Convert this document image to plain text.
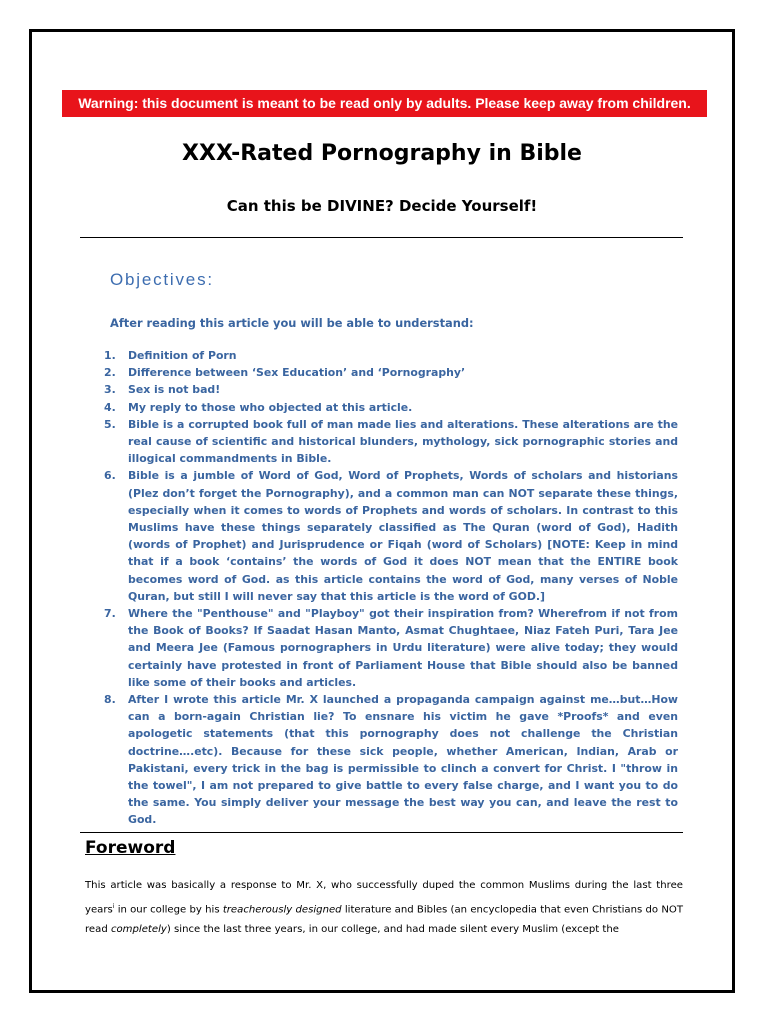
Warning: this document is meant to be read only by adults. Please keep away from children.
XXX-Rated Pornography in Bible
Can this be DIVINE? Decide Yourself!
Objectives:
After reading this article you will be able to understand:
1. Definition of Porn
2. Difference between ‘Sex Education’ and ‘Pornography’
3. Sex is not bad!
4. My reply to those who objected at this article.
5. Bible is a corrupted book full of man made lies and alterations. These alterations are the real cause of scientific and historical blunders, mythology, sick pornographic stories and illogical commandments in Bible.
6. Bible is a jumble of Word of God, Word of Prophets, Words of scholars and historians (Plez don’t forget the Pornography), and a common man can NOT separate these things, especially when it comes to words of Prophets and words of scholars. In contrast to this Muslims have these things separately classified as The Quran (word of God), Hadith (words of Prophet) and Jurisprudence or Fiqah (word of Scholars) [NOTE: Keep in mind that if a book ‘contains’ the words of God it does NOT mean that the ENTIRE book becomes word of God. as this article contains the word of God, many verses of Noble Quran, but still I will never say that this article is the word of GOD.]
7. Where the "Penthouse" and "Playboy" got their inspiration from? Wherefrom if not from the Book of Books? If Saadat Hasan Manto, Asmat Chughtaee, Niaz Fateh Puri, Tara Jee and Meera Jee (Famous pornographers in Urdu literature) were alive today; they would certainly have protested in front of Parliament House that Bible should also be banned like some of their books and articles.
8. After I wrote this article Mr. X launched a propaganda campaign against me…but…How can a born-again Christian lie? To ensnare his victim he gave *Proofs* and even apologetic statements (that this pornography does not challenge the Christian doctrine….etc). Because for these sick people, whether American, Indian, Arab or Pakistani, every trick in the bag is permissible to clinch a convert for Christ. I "throw in the towel", I am not prepared to give battle to every false charge, and I want you to do the same. You simply deliver your message the best way you can, and leave the rest to God.
Foreword
This article was basically a response to Mr. X, who successfully duped the common Muslims during the last three years$^i$ in our college by his treacherously designed literature and Bibles (an encyclopedia that even Christians do NOT read completely) since the last three years, in our college, and had made silent every Muslim (except the
